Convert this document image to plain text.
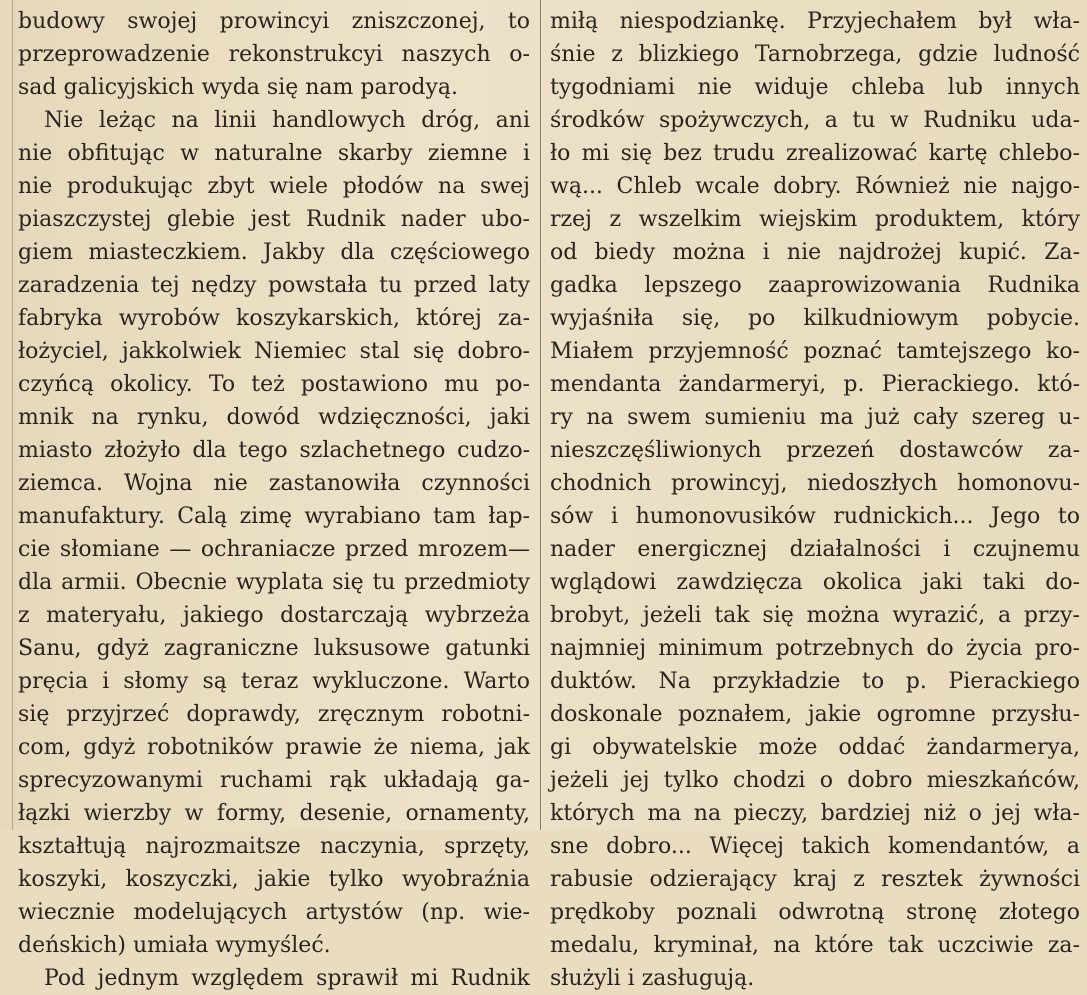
budowy swojej prowincyi zniszczonej, to
przeprowadzenie rekonstrukcyi naszych o-
sad galicyjskich wyda się nam parodyą.
Nie leżąc na linii handlowych dróg, ani
nie obfitując w naturalne skarby ziemne i
nie produkując zbyt wiele płodów na swej
piaszczystej glebie jest Rudnik nader ubo-
giem miasteczkiem. Jakby dla częściowego
zaradzenia tej nędzy powstała tu przed laty
fabryka wyrobów koszykarskich, której za-
łożyciel, jakkolwiek Niemiec stal się dobro-
czyńcą okolicy. To też postawiono mu po-
mnik na rynku, dowód wdzięczności, jaki
miasto złożyło dla tego szlachetnego cudzo-
ziemca. Wojna nie zastanowiła czynności
manufaktury. Calą zimę wyrabiano tam łap-
cie słomiane — ochraniacze przed mrozem—
dla armii. Obecnie wyplata się tu przedmioty
z materyału, jakiego dostarczają wybrzeża
Sanu, gdyż zagraniczne luksusowe gatunki
pręcia i słomy są teraz wykluczone. Warto
się przyjrzeć doprawdy, zręcznym robotni-
com, gdyż robotników prawie że niema, jak
sprecyzowanymi ruchami rąk układają ga-
łązki wierzby w formy, desenie, ornamenty,
kształtują najrozmaitsze naczynia, sprzęty,
koszyki, koszyczki, jakie tylko wyobraźnia
wiecznie modelujących artystów (np. wie-
deńskich) umiała wymyśleć.
Pod jednym względem sprawił mi Rudnik
miłą niespodziankę. Przyjechałem był wła-
śnie z blizkiego Tarnobrzega, gdzie ludność
tygodniami nie widuje chleba lub innych
środków spożywczych, a tu w Rudniku uda-
ło mi się bez trudu zrealizować kartę chlebo-
wą... Chleb wcale dobry. Również nie najgo-
rzej z wszelkim wiejskim produktem, który
od biedy można i nie najdrożej kupić. Za-
gadka lepszego zaaprowizowania Rudnika
wyjaśniła się, po kilkudniowym pobycie.
Miałem przyjemność poznać tamtejszego ko-
mendanta żandarmeryi, p. Pierackiego. któ-
ry na swem sumieniu ma już cały szereg u-
nieszczęśliwionych przezeń dostawców za-
chodnich prowincyj, niedoszłych homonovu-
sów i humonovusików rudnickich... Jego to
nader energicznej działalności i czujnemu
wglądowi zawdzięcza okolica jaki taki do-
brobyt, jeżeli tak się można wyrazić, a przy-
najmniej minimum potrzebnych do życia pro-
duktów. Na przykładzie to p. Pierackiego
doskonale poznałem, jakie ogromne przysłu-
gi obywatelskie może oddać żandarmerya,
jeżeli jej tylko chodzi o dobro mieszkańców,
których ma na pieczy, bardziej niż o jej wła-
sne dobro... Więcej takich komendantów, a
rabusie odzierający kraj z resztek żywności
prędkoby poznali odwrotną stronę złotego
medalu, kryminał, na które tak uczciwie za-
służyli i zasługują.
